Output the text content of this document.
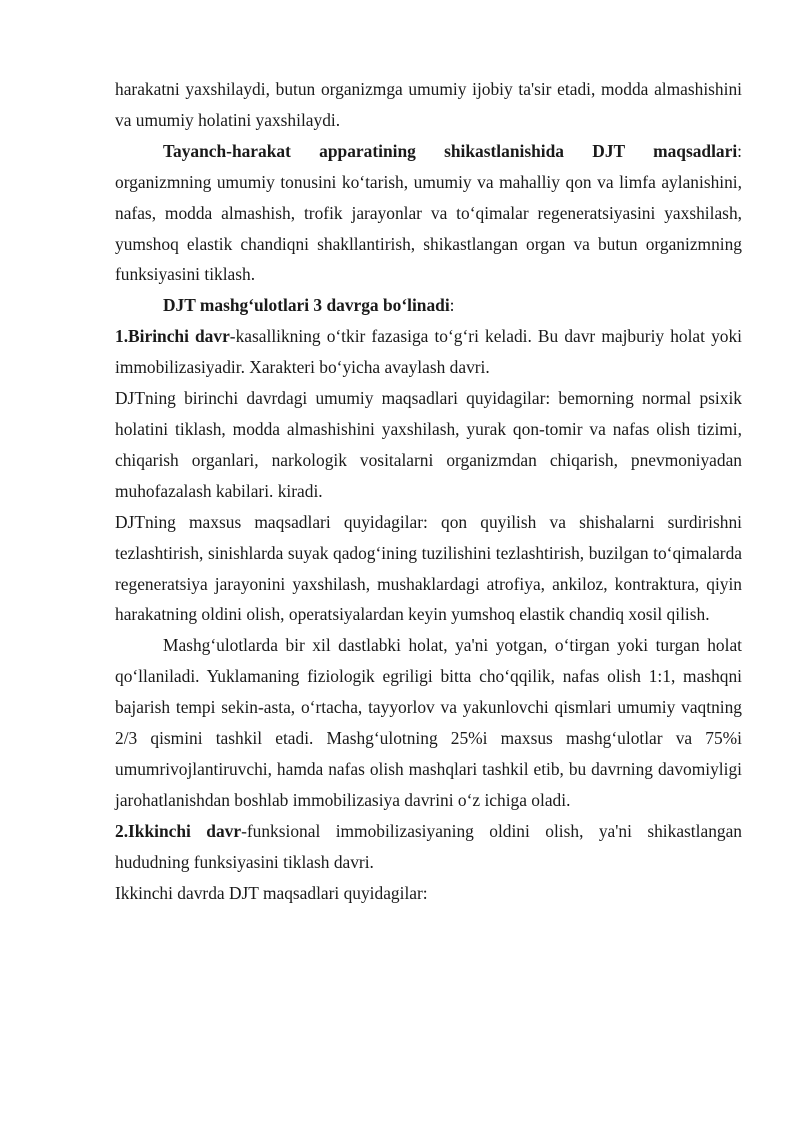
harakatni yaxshilaydi, butun organizmga umumiy ijobiy ta'sir etadi, modda almashishini va umumiy holatini yaxshilaydi.

Tayanch-harakat apparatining shikastlanishida DJT maqsadlari: organizmning umumiy tonusini ko‘tarish, umumiy va mahalliy qon va limfa aylanishini, nafas, modda almashish, trofik jarayonlar va to‘qimalar regeneratsiyasini yaxshilash, yumshoq elastik chandiqni shakllantirish, shikastlangan organ va butun organizmning funksiyasini tiklash.

DJT mashg‘ulotlari 3 davrga bo‘linadi:

1.Birinchi davr-kasallikning o‘tkir fazasiga to‘g‘ri keladi. Bu davr majburiy holat yoki immobilizasiyadir. Xarakteri bo‘yicha avaylash davri.

DJTning birinchi davrdagi umumiy maqsadlari quyidagilar: bemorning normal psixik holatini tiklash, modda almashishini yaxshilash, yurak qon-tomir va nafas olish tizimi, chiqarish organlari, narkologik vositalarni organizmdan chiqarish, pnevmoniyadan muhofazalash kabilari. kiradi.

DJTning maxsus maqsadlari quyidagilar: qon quyilish va shishalarni surdirishni tezlashtirish, sinishlarda suyak qadog‘ining tuzilishini tezlashtirish, buzilgan to‘qimalarda regeneratsiya jarayonini yaxshilash, mushaklardagi atrofiya, ankiloz, kontraktura, qiyin harakatning oldini olish, operatsiyalardan keyin yumshoq elastik chandiq xosil qilish.

Mashg‘ulotlarda bir xil dastlabki holat, ya'ni yotgan, o‘tirgan yoki turgan holat qo‘llaniladi. Yuklamaning fiziologik egriligi bitta cho‘qqilik, nafas olish 1:1, mashqni bajarish tempi sekin-asta, o‘rtacha, tayyorlov va yakunlovchi qismlari umumiy vaqtning 2/3 qismini tashkil etadi. Mashg‘ulotning 25%i maxsus mashg‘ulotlar va 75%i umumrivojlantiruvchi, hamda nafas olish mashqlari tashkil etib, bu davrning davomiyligi jarohatlanishdan boshlab immobilizasiya davrini o‘z ichiga oladi.

2.Ikkinchi davr-funksional immobilizasiyaning oldini olish, ya'ni shikastlangan hududning funksiyasini tiklash davri.

Ikkinchi davrda DJT maqsadlari quyidagilar:
